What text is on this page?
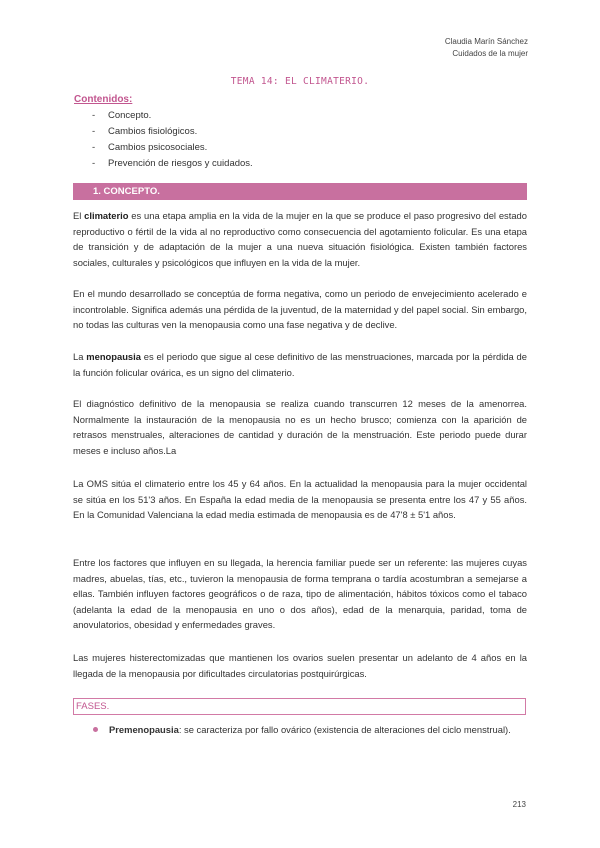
Claudia Marín Sánchez
Cuidados de la mujer
TEMA 14: EL CLIMATERIO.
Contenidos:
- Concepto.
- Cambios fisiológicos.
- Cambios psicosociales.
- Prevención de riesgos y cuidados.
1. CONCEPTO.

El climaterio es una etapa amplia en la vida de la mujer en la que se produce el paso progresivo del estado reproductivo o fértil de la vida al no reproductivo como consecuencia del agotamiento folicular. Es una etapa de transición y de adaptación de la mujer a una nueva situación fisiológica. Existen también factores sociales, culturales y psicológicos que influyen en la vida de la mujer.

En el mundo desarrollado se conceptúa de forma negativa, como un periodo de envejecimiento acelerado e incontrolable. Significa además una pérdida de la juventud, de la maternidad y del papel social. Sin embargo, no todas las culturas ven la menopausia como una fase negativa y de declive.

La menopausia es el periodo que sigue al cese definitivo de las menstruaciones, marcada por la pérdida de la función folicular ovárica, es un signo del climaterio.

El diagnóstico definitivo de la menopausia se realiza cuando transcurren 12 meses de la amenorrea. Normalmente la instauración de la menopausia no es un hecho brusco; comienza con la aparición de retrasos menstruales, alteraciones de cantidad y duración de la menstruación. Este periodo puede durar meses e incluso años.La

La OMS sitúa el climaterio entre los 45 y 64 años. En la actualidad la menopausia para la mujer occidental se sitúa en los 51'3 años. En España la edad media de la menopausia se presenta entre los 47 y 55 años. En la Comunidad Valenciana la edad media estimada de menopausia es de 47'8 ± 5'1 años.

Entre los factores que influyen en su llegada, la herencia familiar puede ser un referente: las mujeres cuyas madres, abuelas, tías, etc., tuvieron la menopausia de forma temprana o tardía acostumbran a semejarse a ellas. También influyen factores geográficos o de raza, tipo de alimentación, hábitos tóxicos como el tabaco (adelanta la edad de la menopausia en uno o dos años), edad de la menarquia, paridad, toma de anovulatorios, obesidad y enfermedades graves.

Las mujeres histerectomizadas que mantienen los ovarios suelen presentar un adelanto de 4 años en la llegada de la menopausia por dificultades circulatorias postquirúrgicas.

FASES.
Premenopausia: se caracteriza por fallo ovárico (existencia de alteraciones del ciclo menstrual).
213
